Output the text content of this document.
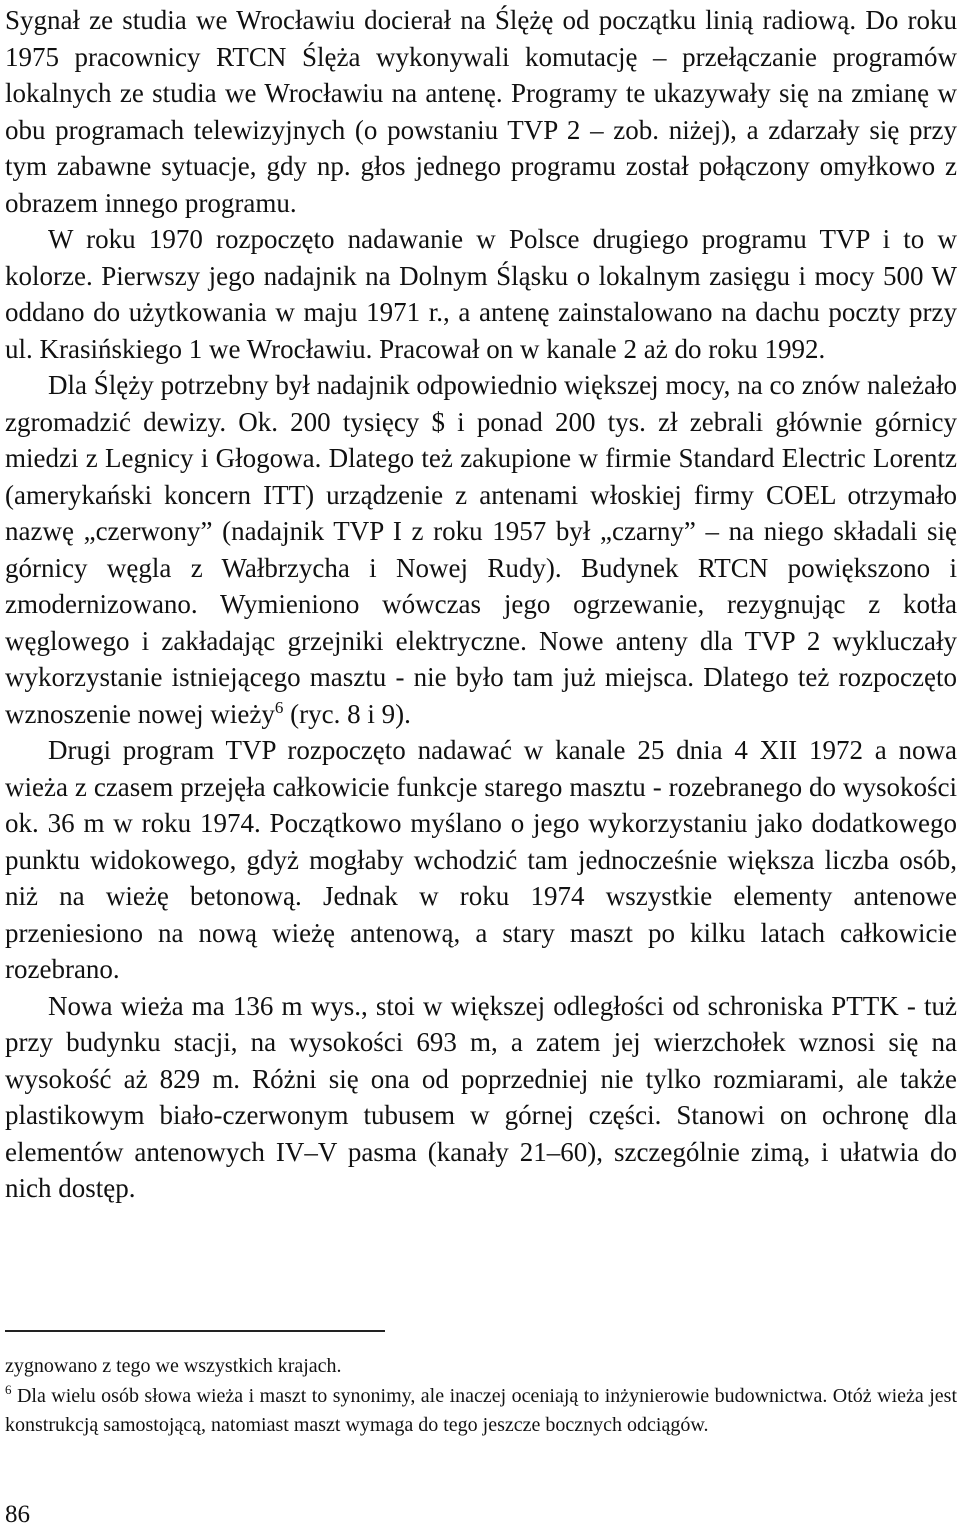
Sygnał ze studia we Wrocławiu docierał na Ślężę od początku linią radiową. Do roku 1975 pracownicy RTCN Ślęża wykonywali komutację – przełączanie programów lokalnych ze studia we Wrocławiu na antenę. Programy te ukazywały się na zmianę w obu programach telewizyjnych (o powstaniu TVP 2 – zob. niżej), a zdarzały się przy tym zabawne sytuacje, gdy np. głos jednego programu został połączony omyłkowo z obrazem innego programu.

W roku 1970 rozpoczęto nadawanie w Polsce drugiego programu TVP i to w kolorze. Pierwszy jego nadajnik na Dolnym Śląsku o lokalnym zasięgu i mocy 500 W oddano do użytkowania w maju 1971 r., a antenę zainstalowano na dachu poczty przy ul. Krasińskiego 1 we Wrocławiu. Pracował on w kanale 2 aż do roku 1992.

Dla Ślęży potrzebny był nadajnik odpowiednio większej mocy, na co znów należało zgromadzić dewizy. Ok. 200 tysięcy $ i ponad 200 tys. zł zebrali głównie górnicy miedzi z Legnicy i Głogowa. Dlatego też zakupione w firmie Standard Electric Lorentz (amerykański koncern ITT) urządzenie z antenami włoskiej firmy COEL otrzymało nazwę „czerwony” (nadajnik TVP I z roku 1957 był „czarny” – na niego składali się górnicy węgla z Wałbrzycha i Nowej Rudy). Budynek RTCN powiększono i zmodernizowano. Wymieniono wówczas jego ogrzewanie, rezygnując z kotła węglowego i zakładając grzejniki elektryczne. Nowe anteny dla TVP 2 wykluczały wykorzystanie istniejącego masztu - nie było tam już miejsca. Dlatego też rozpoczęto wznoszenie nowej wieży$^6$ (ryc. 8 i 9).

Drugi program TVP rozpoczęto nadawać w kanale 25 dnia 4 XII 1972 a nowa wieża z czasem przejęła całkowicie funkcje starego masztu - rozebranego do wysokości ok. 36 m w roku 1974. Początkowo myślano o jego wykorzystaniu jako dodatkowego punktu widokowego, gdyż mogłaby wchodzić tam jednocześnie większa liczba osób, niż na wieżę betonową. Jednak w roku 1974 wszystkie elementy antenowe przeniesiono na nową wieżę antenową, a stary maszt po kilku latach całkowicie rozebrano.

Nowa wieża ma 136 m wys., stoi w większej odległości od schroniska PTTK - tuż przy budynku stacji, na wysokości 693 m, a zatem jej wierzchołek wznosi się na wysokość aż 829 m. Różni się ona od poprzedniej nie tylko rozmiarami, ale także plastikowym biało-czerwonym tubusem w górnej części. Stanowi on ochronę dla elementów antenowych IV–V pasma (kanały 21–60), szczególnie zimą, i ułatwia do nich dostęp.

zygnowano z tego we wszystkich krajach.

$^6$ Dla wielu osób słowa wieża i maszt to synonimy, ale inaczej oceniają to inżynierowie budownictwa. Otóż wieża jest konstrukcją samostojącą, natomiast maszt wymaga do tego jeszcze bocznych odciągów.

86
